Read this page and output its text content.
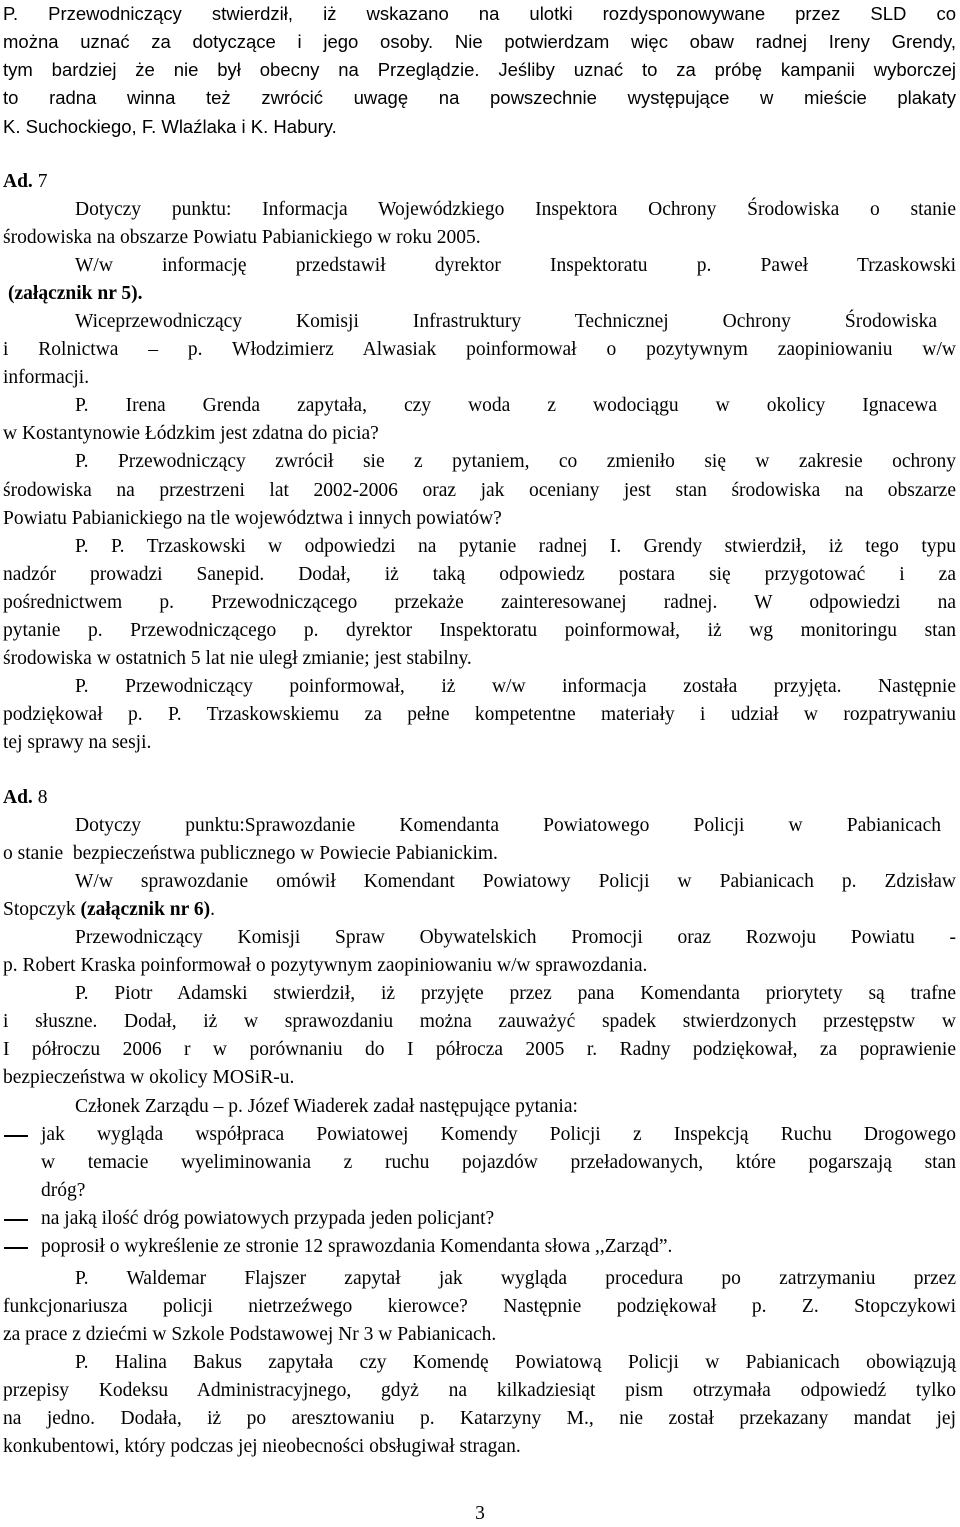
P. Przewodniczący stwierdził, iż wskazano na ulotki rozdysponowywane przez SLD co
można uznać za dotyczące i jego osoby. Nie potwierdzam więc obaw radnej Ireny Grendy,
tym bardziej że nie był obecny na Przeglądzie. Jeśliby uznać to za próbę kampanii wyborczej
to radna winna też zwrócić uwagę na powszechnie występujące w mieście plakaty
K. Suchockiego, F. Wlaźlaka i K. Habury.
Ad. 7
Dotyczy punktu: Informacja Wojewódzkiego Inspektora Ochrony Środowiska o stanie
środowiska na obszarze Powiatu Pabianickiego w roku 2005.
W/w informację przedstawił dyrektor Inspektoratu p. Paweł Trzaskowski
(załącznik nr 5).
Wiceprzewodniczący Komisji Infrastruktury Technicznej Ochrony Środowiska
i Rolnictwa – p. Włodzimierz Alwasiak poinformował o pozytywnym zaopiniowaniu w/w
informacji.
P. Irena Grenda zapytała, czy woda z wodociągu w okolicy Ignacewa
w Kostantynowie Łódzkim jest zdatna do picia?
P. Przewodniczący zwrócił sie z pytaniem, co zmieniło się w zakresie ochrony
środowiska na przestrzeni lat 2002-2006 oraz jak oceniany jest stan środowiska na obszarze
Powiatu Pabianickiego na tle województwa i innych powiatów?
P. P. Trzaskowski w odpowiedzi na pytanie radnej I. Grendy stwierdził, iż tego typu
nadzór prowadzi Sanepid. Dodał, iż taką odpowiedz postara się przygotować i za
pośrednictwem p. Przewodniczącego przekaże zainteresowanej radnej. W odpowiedzi na
pytanie p. Przewodniczącego p. dyrektor Inspektoratu poinformował, iż wg monitoringu stan
środowiska w ostatnich 5 lat nie uległ zmianie; jest stabilny.
P. Przewodniczący poinformował, iż w/w informacja została przyjęta. Następnie
podziękował p. P. Trzaskowskiemu za pełne kompetentne materiały i udział w rozpatrywaniu
tej sprawy na sesji.
Ad. 8
Dotyczy punktu:Sprawozdanie Komendanta Powiatowego Policji w Pabianicach
o stanie  bezpieczeństwa publicznego w Powiecie Pabianickim.
W/w sprawozdanie omówił Komendant Powiatowy Policji w Pabianicach p. Zdzisław
Stopczyk (załącznik nr 6).
Przewodniczący Komisji Spraw Obywatelskich Promocji oraz Rozwoju Powiatu -
p. Robert Kraska poinformował o pozytywnym zaopiniowaniu w/w sprawozdania.
P. Piotr Adamski stwierdził, iż przyjęte przez pana Komendanta priorytety są trafne
i słuszne. Dodał, iż w sprawozdaniu można zauważyć spadek stwierdzonych przestępstw w
I półroczu 2006 r w porównaniu do I półrocza 2005 r. Radny podziękował, za poprawienie
bezpieczeństwa w okolicy MOSiR-u.
Członek Zarządu – p. Józef Wiaderek zadał następujące pytania:
jak wygląda współpraca Powiatowej Komendy Policji z Inspekcją Ruchu Drogowego
w temacie wyeliminowania z ruchu pojazdów przeładowanych, które pogarszają stan
dróg?
na jaką ilość dróg powiatowych przypada jeden policjant?
poprosił o wykreślenie ze stronie 12 sprawozdania Komendanta słowa ,,Zarząd”.
P. Waldemar Flajszer zapytał jak wygląda procedura po zatrzymaniu przez
funkcjonariusza policji nietrzeźwego kierowce? Następnie podziękował p. Z. Stopczykowi
za prace z dziećmi w Szkole Podstawowej Nr 3 w Pabianicach.
P. Halina Bakus zapytała czy Komendę Powiatową Policji w Pabianicach obowiązują
przepisy Kodeksu Administracyjnego, gdyż na kilkadziesiąt pism otrzymała odpowiedź tylko
na jedno. Dodała, iż po aresztowaniu p. Katarzyny M., nie został przekazany mandat jej
konkubentowi, który podczas jej nieobecności obsługiwał stragan.
3
